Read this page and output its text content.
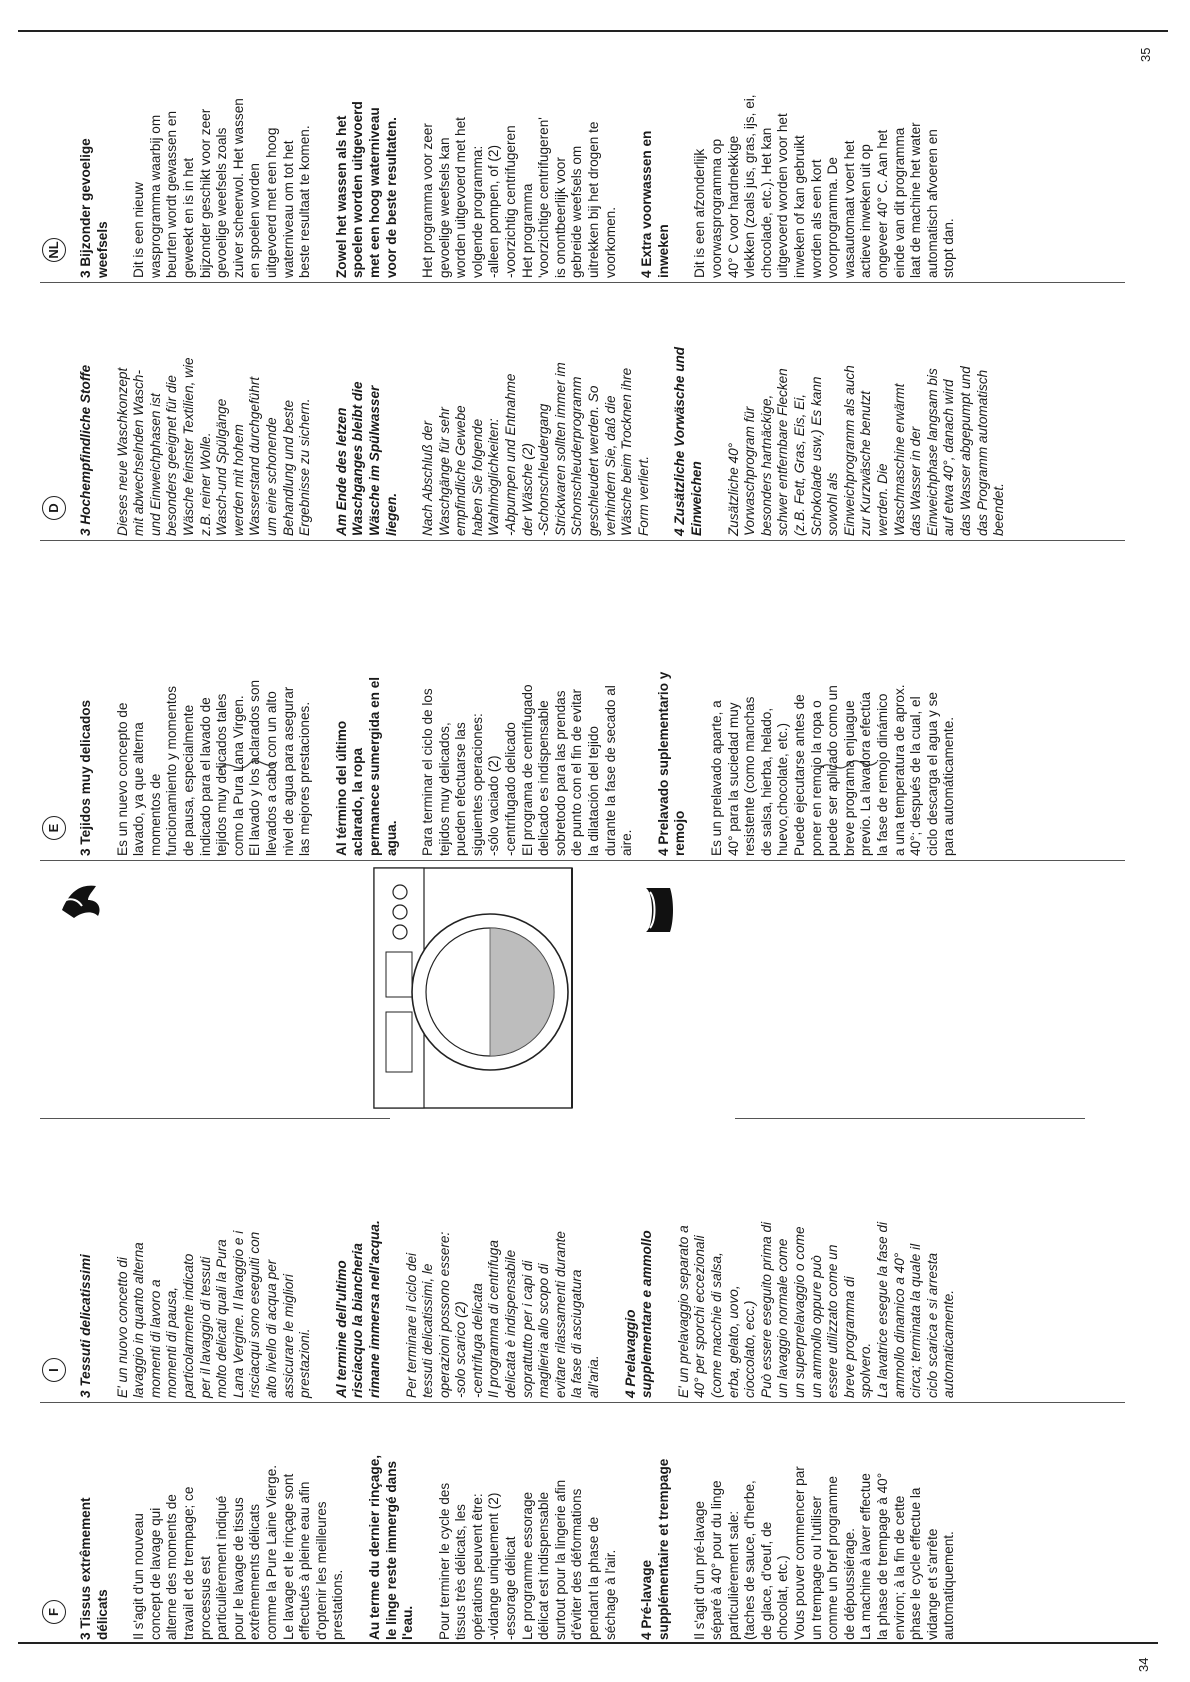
34
35
F

3 Tissus extrêmement
délicats Il s'agit d'un nouveau
concept de lavage qui
alterne des moments de
travail et de trempage; ce
processus est
particulièrement indiqué
pour le lavage de tissus
extrêmements délicats
comme la Pure Laine Vierge.
Le lavage et le rinçage sont
effectués à pleine eau afin
d'optenir les meilleures
prestations. Au terme du dernier rinçage,
le linge reste immergé dans
l'eau. Pour terminer le cycle des
tissus très délicats, les
opérations peuvent être:
-vidange uniquement (2)
-essorage délicat
Le programme essorage
délicat est indispensable
surtout pour la lingerie afin
d'éviter des déformations
pendant la phase de
séchage à l'air.

4 Pré-lavage
supplémentaire et trempage

Il s'agit d'un pré-lavage
séparé à 40° pour du linge
particulièrement sale:
(taches de sauce, d'herbe,
de glace, d'oeuf, de
chocolat, etc.)
Vous pouver commencer par
un trempage ou l'utiliser
comme un bref programme
de dépoussiérage.
La machine à laver effectue
la phase de trempage à 40°
environ; à la fin de cette
phase le cycle effectue la
vidange et s'arrête
automatiquement.

I 3 Tessuti delicatissimi E' un nuovo concetto di
lavaggio in quanto alterna
momenti di lavoro a
momenti di pausa,
particolarmente indicato
per il lavaggio di tessuti
molto delicati quali la Pura
Lana Vergine. Il lavaggio e i
risciacqui sono eseguiti con
alto livello di acqua per
assicurare le migliori
prestazioni. Al termine dell'ultimo
risciacquo la biancheria
rimane immersa nell'acqua.

Per terminare il ciclo dei
tessuti delicatissimi, le
operazioni possono essere:
-solo scarico (2)
-centrifuga delicata
Il programma di centrifuga
delicata è indispensabile
soprattutto per i capi di
maglieria allo scopo di
evitare rilassamenti durante
la fase di asciugatura
all'aria. 4 Prelavaggio
supplementare e ammollo

E' un prelavaggio separato a
40° per sporchi eccezionali
(come macchie di salsa,
erba, gelato, uovo,
cioccolato, ecc.)
Può essere eseguito prima di
un lavaggio normale come
un superprelavaggio o come
un ammollo oppure può
essere utilizzato come un
breve programma di
spolvero.
La lavatrice esegue la fase di
ammollo dinamico a 40°
circa; terminata la quale il
ciclo scarica e si arresta
automaticamente.

E 3 Tejidos muy delicados Es un nuevo concepto de
lavado, ya que alterna
momentos de
funcionamiento y momentos
de pausa, especialmente
indicado para el lavado de
tejidos muy delicados tales
como la Pura Lana Virgen.
El lavado y los aclarados son
llevados a cabo con un alto
nivel de agua para asegurar
las mejores prestaciones.

Al término del último
aclarado, la ropa
permanece sumergida en el
agua. Para terminar el ciclo de los
tejidos muy delicados,
pueden efectuarse las
siguientes operaciones:
-sólo vaciado (2)
-centrifugado delicado
El programa de centrifugado
delicado es indispensable
sobretodo para las prendas
de punto con el fin de evitar
la dilatación del tejido
durante la fase de secado al
aire. 4 Prelavado suplementario y
remojo Es un prelavado aparte, a
40° para la suciedad muy
resistente (como manchas
de salsa, hierba, helado,
huevo,chocolate, etc.)
Puede ejecutarse antes de
poner en remojo la ropa o
puede ser aplicado como un
breve programa enjuague
previo. La lavadora efectúa
la fase de remojo dinámico
a una temperatura de aprox.
40°; después de la cual, el
ciclo descarga el agua y se
para automáticamente.

D 3 Hochempfindliche Stoffe Dieses neue Waschkonzept
mit abwechselnden Wasch-
und Einweichphasen ist
besonders geeignet für die
Wäsche feinster Textilien, wie
z.B. reiner Wolle.
Wasch-und Spülgänge
werden mit hohem
Wasserstand durchgeführt
um eine schonende
Behandlung und beste
Ergebnisse zu sichern.

Am Ende des letzen
Waschganges bleibt die
Wäsche im Spülwasser
liegen. Nach Abschluß der
Waschgänge für sehr
empfindliche Gewebe
haben Sie folgende
Wahlmöglichkeiten:
-Abpumpen und Entnahme
der Wäsche (2)
-Schonschleudergang
Strickwaren sollten immer im
Schonschleuderprogramm
geschleudert werden. So
verhindern Sie, daß die
Wäsche beim Trocknen ihre
Form verliert.

4 Zusätzliche Vorwäsche und
Einweichen Zusätzliche 40°
Vorwaschprogram für
besonders hartnäckige,
schwer entfernbare Flecken
(z.B. Fett, Gras, Eis, Ei,
Schokolade usw.) Es kann
sowohl als
Einweichprogramm als auch
zur Kurzwäsche benutzt
werden. Die
Waschmaschine erwärmt
das Wasser in der
Einweichphase langsam bis
auf etwa 40°, danach wird
das Wasser abgepumpt und
das Programm automatisch
beendet.

NL

3 Bijzonder gevoelige
weefsels Dit is een nieuw
wasprogramma waarbij om
beurten wordt gewassen en
geweekt en is in het
bijzonder geschikt voor zeer
gevoelige weefsels zoals
zuiver scheerwol. Het wassen
en spoelen worden
uitgevoerd met een hoog
waterniveau om tot het
beste resultaat te komen.

Zowel het wassen als het
spoelen worden uitgevoerd
met een hoog waterniveau
voor de beste resultaten.

Het programma voor zeer
gevoelige weefsels kan
worden uitgevoerd met het
volgende programma:
-alleen pompen, of (2)
-voorzichtig centrifugeren
Het programma
'voorzichtige centrifugeren'
is onontbeerlijk voor
gebreide weefsels om
uitrekken bij het drogen te
voorkomen. 4 Extra voorwassen en
inweken Dit is een afzonderlijk
voorwasprogramma op
40° C voor hardnekkige
vlekken (zoals jus, gras, ijs, ei,
chocolade, etc.). Het kan
uitgevoerd worden voor het
inweken of kan gebruikt
worden als een kort
voorprogramma. De
wasautomaat voert het
actieve inweken uit op
ongeveer 40° C. Aan het
einde van dit programma
laat de machine het water
automatisch afvoeren en
stopt dan.
